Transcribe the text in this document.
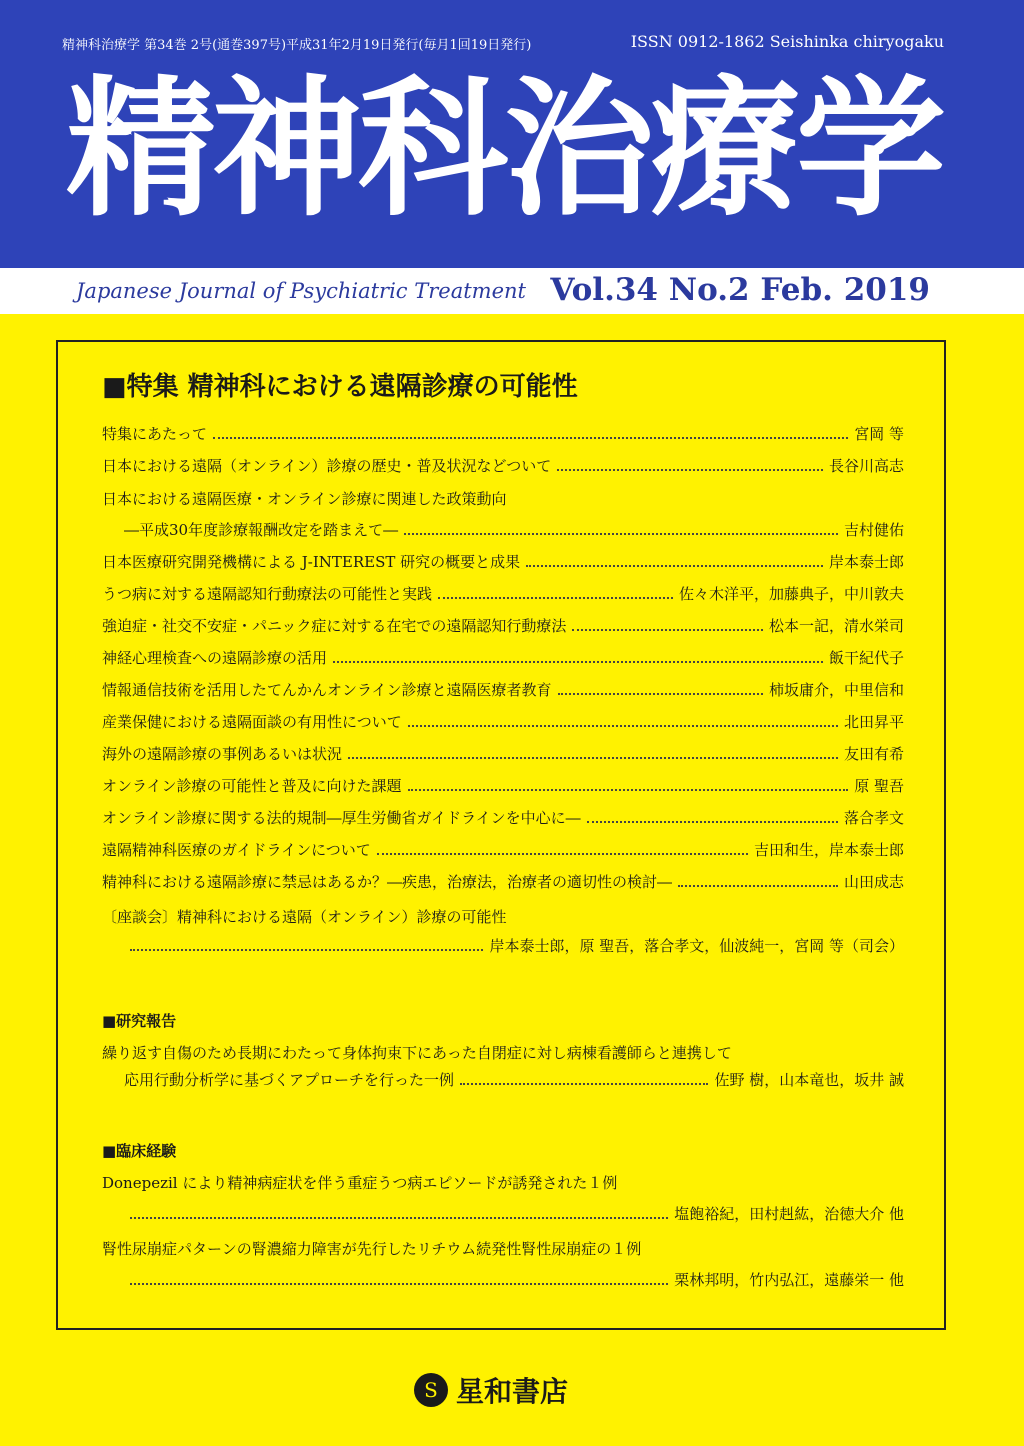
精神科治療学 第34巻 2号(通巻397号)平成31年2月19日発行(毎月1回19日発行)	ISSN 0912-1862 Seishinka chiryogaku
精神科治療学
Japanese Journal of Psychiatric Treatment Vol.34 No.2 Feb. 2019
■特集 精神科における遠隔診療の可能性
特集にあたって	宮岡 等
日本における遠隔（オンライン）診療の歴史・普及状況などついて	長谷川高志
日本における遠隔医療・オンライン診療に関連した政策動向
―平成30年度診療報酬改定を踏まえて―	吉村健佑
日本医療研究開発機構による J-INTEREST 研究の概要と成果	岸本泰士郎
うつ病に対する遠隔認知行動療法の可能性と実践	佐々木洋平，加藤典子，中川敦夫
強迫症・社交不安症・パニック症に対する在宅での遠隔認知行動療法	松本一記，清水栄司
神経心理検査への遠隔診療の活用	飯干紀代子
情報通信技術を活用したてんかんオンライン診療と遠隔医療者教育	柿坂庸介，中里信和
産業保健における遠隔面談の有用性について	北田昇平
海外の遠隔診療の事例あるいは状況	友田有希
オンライン診療の可能性と普及に向けた課題	原 聖吾
オンライン診療に関する法的規制―厚生労働省ガイドラインを中心に―	落合孝文
遠隔精神科医療のガイドラインについて	吉田和生，岸本泰士郎
精神科における遠隔診療に禁忌はあるか？―疾患，治療法，治療者の適切性の検討―	山田成志
〔座談会〕精神科における遠隔（オンライン）診療の可能性
岸本泰士郎，原 聖吾，落合孝文，仙波純一，宮岡 等（司会）
■研究報告
繰り返す自傷のため長期にわたって身体拘束下にあった自閉症に対し病棟看護師らと連携して
応用行動分析学に基づくアプローチを行った一例	佐野 樹，山本竜也，坂井 誠
■臨床経験
Donepezil により精神病症状を伴う重症うつ病エピソードが誘発された１例
塩飽裕紀，田村赳紘，治徳大介 他
腎性尿崩症パターンの腎濃縮力障害が先行したリチウム続発性腎性尿崩症の１例
栗林邦明，竹内弘江，遠藤栄一 他
S 星和書店
